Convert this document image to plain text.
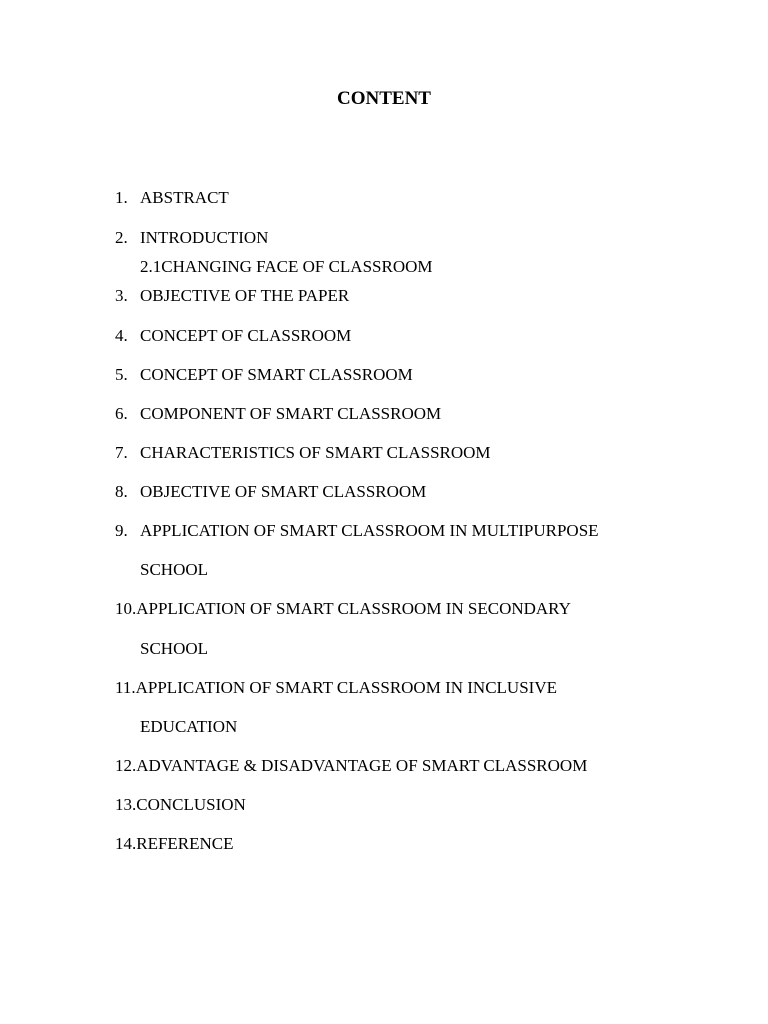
CONTENT
1. ABSTRACT
2. INTRODUCTION
2.1CHANGING FACE OF CLASSROOM
3. OBJECTIVE OF THE PAPER
4. CONCEPT OF CLASSROOM
5. CONCEPT OF SMART CLASSROOM
6. COMPONENT OF SMART CLASSROOM
7. CHARACTERISTICS OF SMART CLASSROOM
8. OBJECTIVE OF SMART CLASSROOM
9. APPLICATION OF SMART CLASSROOM IN MULTIPURPOSE
SCHOOL
10. APPLICATION OF SMART CLASSROOM IN SECONDARY
SCHOOL
11. APPLICATION OF SMART CLASSROOM IN INCLUSIVE
EDUCATION
12. ADVANTAGE & DISADVANTAGE OF SMART CLASSROOM
13. CONCLUSION
14. REFERENCE
